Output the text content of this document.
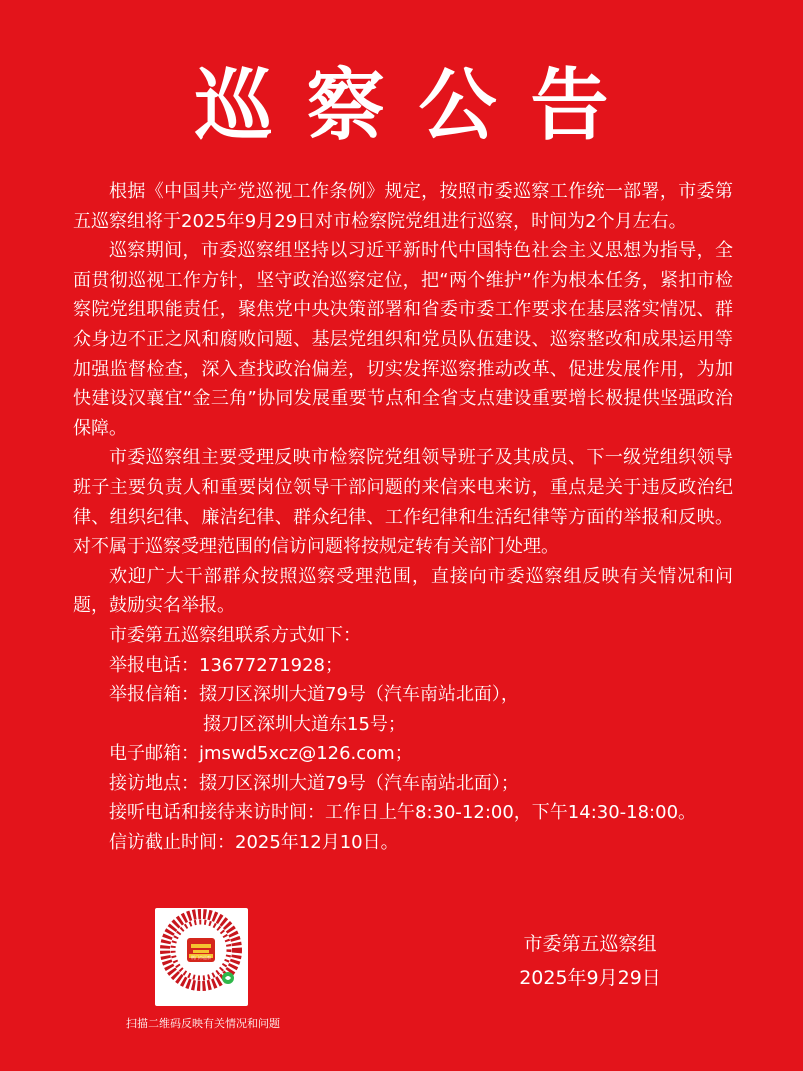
巡察公告

根据《中国共产党巡视工作条例》规定，按照市委巡察工作统一部署，市委第五巡察组将于2025年9月29日对市检察院党组进行巡察，时间为2个月左右。

巡察期间，市委巡察组坚持以习近平新时代中国特色社会主义思想为指导，全面贯彻巡视工作方针，坚守政治巡察定位，把“两个维护”作为根本任务，紧扣市检察院党组职能责任，聚焦党中央决策部署和省委市委工作要求在基层落实情况、群众身边不正之风和腐败问题、基层党组织和党员队伍建设、巡察整改和成果运用等加强监督检查，深入查找政治偏差，切实发挥巡察推动改革、促进发展作用，为加快建设汉襄宜“金三角”协同发展重要节点和全省支点建设重要增长极提供坚强政治保障。

市委巡察组主要受理反映市检察院党组领导班子及其成员、下一级党组织领导班子主要负责人和重要岗位领导干部问题的来信来电来访，重点是关于违反政治纪律、组织纪律、廉洁纪律、群众纪律、工作纪律和生活纪律等方面的举报和反映。对不属于巡察受理范围的信访问题将按规定转有关部门处理。

欢迎广大干部群众按照巡察受理范围，直接向市委巡察组反映有关情况和问题，鼓励实名举报。

市委第五巡察组联系方式如下：
举报电话：13677271928；
举报信箱：掇刀区深圳大道79号（汽车南站北面），
掇刀区深圳大道东15号；
电子邮箱：jmswd5xcz@126.com；
接访地点：掇刀区深圳大道79号（汽车南站北面）；
接听电话和接待来访时间：工作日上午8:30-12:00，下午14:30-18:00。
信访截止时间：2025年12月10日。
荆门市巡察
扫描二维码反映有关情况和问题
市委第五巡察组
2025年9月29日
